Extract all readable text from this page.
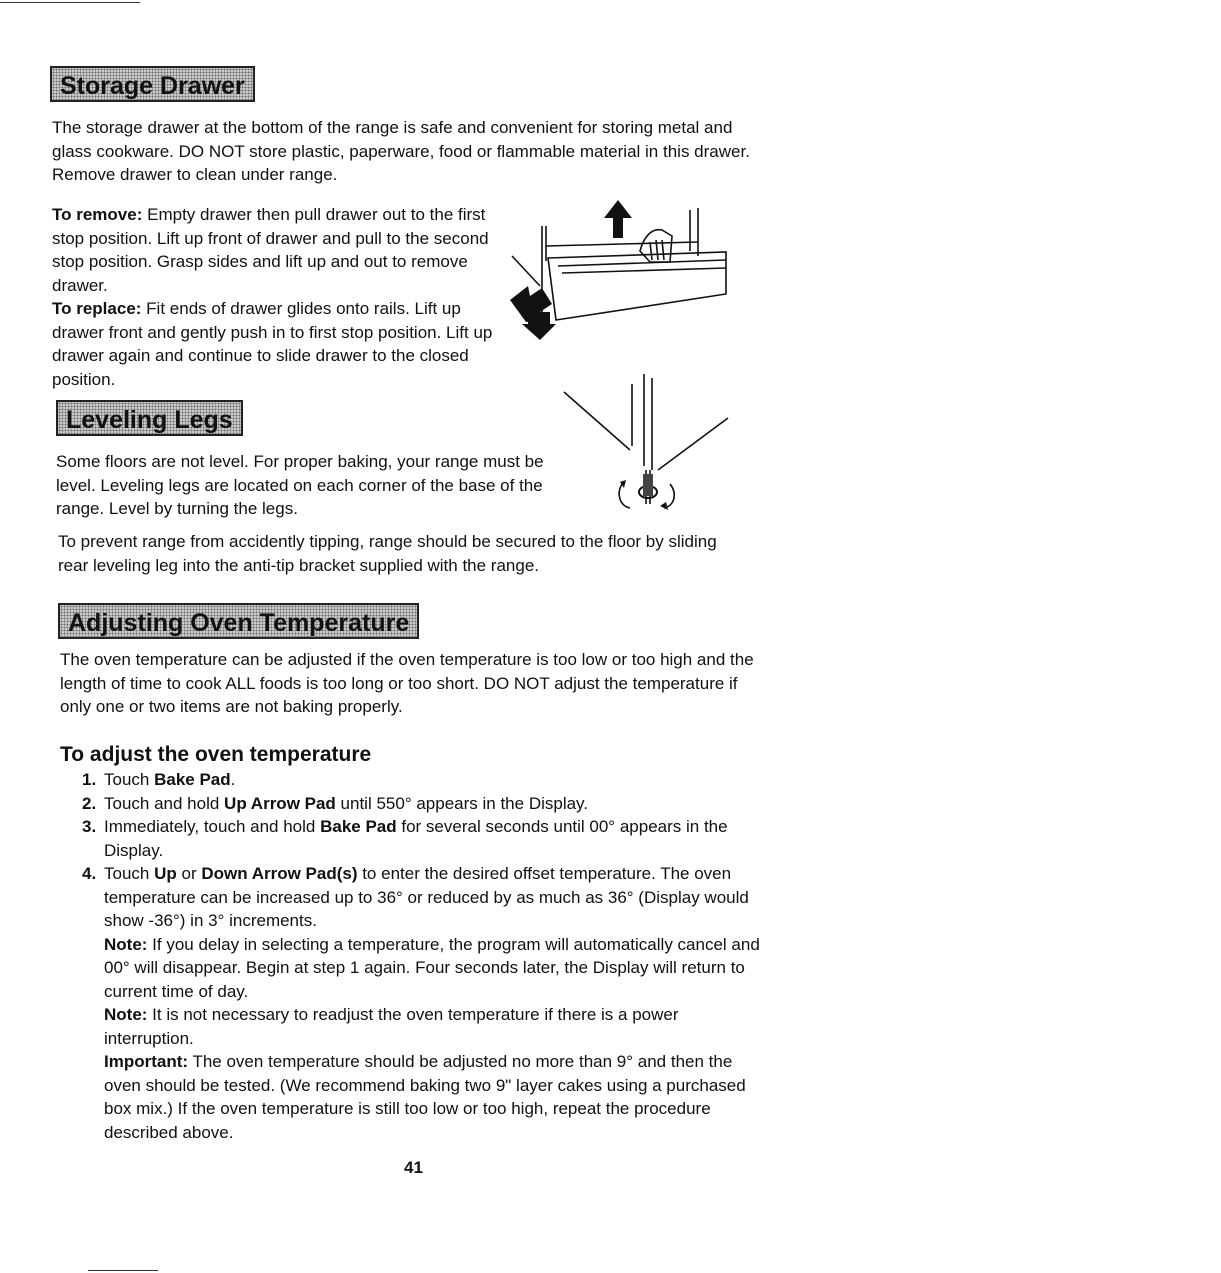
Storage Drawer

The storage drawer at the bottom of the range is safe and convenient for storing metal and glass cookware. DO NOT store plastic, paperware, food or flammable material in this drawer. Remove drawer to clean under range.

To remove: Empty drawer then pull drawer out to the first stop position. Lift up front of drawer and pull to the second stop position. Grasp sides and lift up and out to remove drawer.

To replace: Fit ends of drawer glides onto rails. Lift up drawer front and gently push in to first stop position. Lift up drawer again and continue to slide drawer to the closed position.

Leveling Legs

Some floors are not level. For proper baking, your range must be level. Leveling legs are located on each corner of the base of the range. Level by turning the legs.

To prevent range from accidently tipping, range should be secured to the floor by sliding rear leveling leg into the anti-tip bracket supplied with the range.

Adjusting Oven Temperature

The oven temperature can be adjusted if the oven temperature is too low or too high and the length of time to cook ALL foods is too long or too short. DO NOT adjust the temperature if only one or two items are not baking properly.

To adjust the oven temperature
1. Touch Bake Pad.
2. Touch and hold Up Arrow Pad until 550° appears in the Display.
3. Immediately, touch and hold Bake Pad for several seconds until 00° appears in the Display.
4. Touch Up or Down Arrow Pad(s) to enter the desired offset temperature. The oven temperature can be increased up to 36° or reduced by as much as 36° (Display would show -36°) in 3° increments.
Note: If you delay in selecting a temperature, the program will automatically cancel and 00° will disappear. Begin at step 1 again. Four seconds later, the Display will return to current time of day.
Note: It is not necessary to readjust the oven temperature if there is a power interruption.
Important: The oven temperature should be adjusted no more than 9° and then the oven should be tested. (We recommend baking two 9" layer cakes using a purchased box mix.) If the oven temperature is still too low or too high, repeat the procedure described above.
41
